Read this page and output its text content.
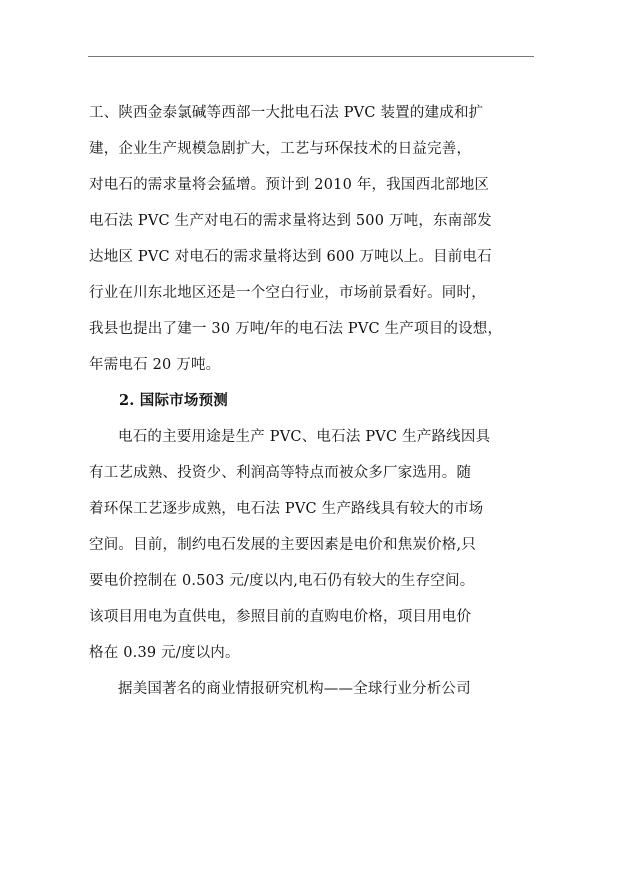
工、陕西金泰氯碱等西部一大批电石法 PVC 装置的建成和扩
建，企业生产规模急剧扩大，工艺与环保技术的日益完善，
对电石的需求量将会猛增。预计到 2010 年，我国西北部地区
电石法 PVC 生产对电石的需求量将达到 500 万吨，东南部发
达地区 PVC 对电石的需求量将达到 600 万吨以上。目前电石
行业在川东北地区还是一个空白行业，市场前景看好。同时，
我县也提出了建一 30 万吨/年的电石法 PVC 生产项目的设想，
年需电石 20 万吨。
2. 国际市场预测
电石的主要用途是生产 PVC、电石法 PVC 生产路线因具
有工艺成熟、投资少、利润高等特点而被众多厂家选用。随
着环保工艺逐步成熟，电石法 PVC 生产路线具有较大的市场
空间。目前，制约电石发展的主要因素是电价和焦炭价格,只
要电价控制在 0.503 元/度以内,电石仍有较大的生存空间。
该项目用电为直供电，参照目前的直购电价格，项目用电价
格在 0.39 元/度以内。
据美国著名的商业情报研究机构——全球行业分析公司
